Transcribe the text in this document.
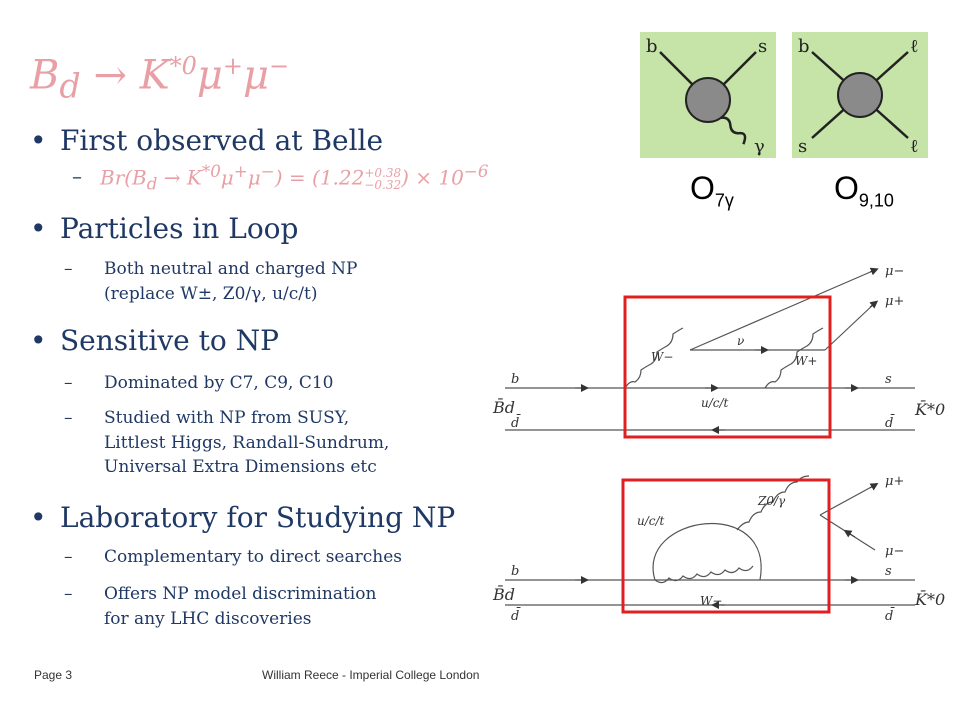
$B_d \to K^{*0}\mu^+\mu^-$
• First observed at Belle
– $Br(B_d \to K^{*0}\mu^+\mu^-) = (1.22 +0.38$
−0.32 ) × $10^{-6}$
• Particles in Loop
– Both neutral and charged NP
(replace W±, Z0/γ, u/c/t)
• Sensitive to NP
– Dominated by C7, C9, C10
– Studied with NP from SUSY,
Littlest Higgs, Randall-Sundrum,
Universal Extra Dimensions etc
• Laboratory for Studying NP
– Complementary to direct searches
– Offers NP model discrimination
for any LHC discoveries
b	s
γ
b	ℓ
s	ℓ
$O_{7\gamma}$	$O_{9,10}$
b
B̄d
d̄
μ−
μ+
W−
ν
W+
u/c/t
s
d̄
K̄*0
b
B̄d
d̄
μ+
μ−
u/c/t
Z0/γ
W−
s
d̄
K̄*0
Page 3	William Reece - Imperial College London
